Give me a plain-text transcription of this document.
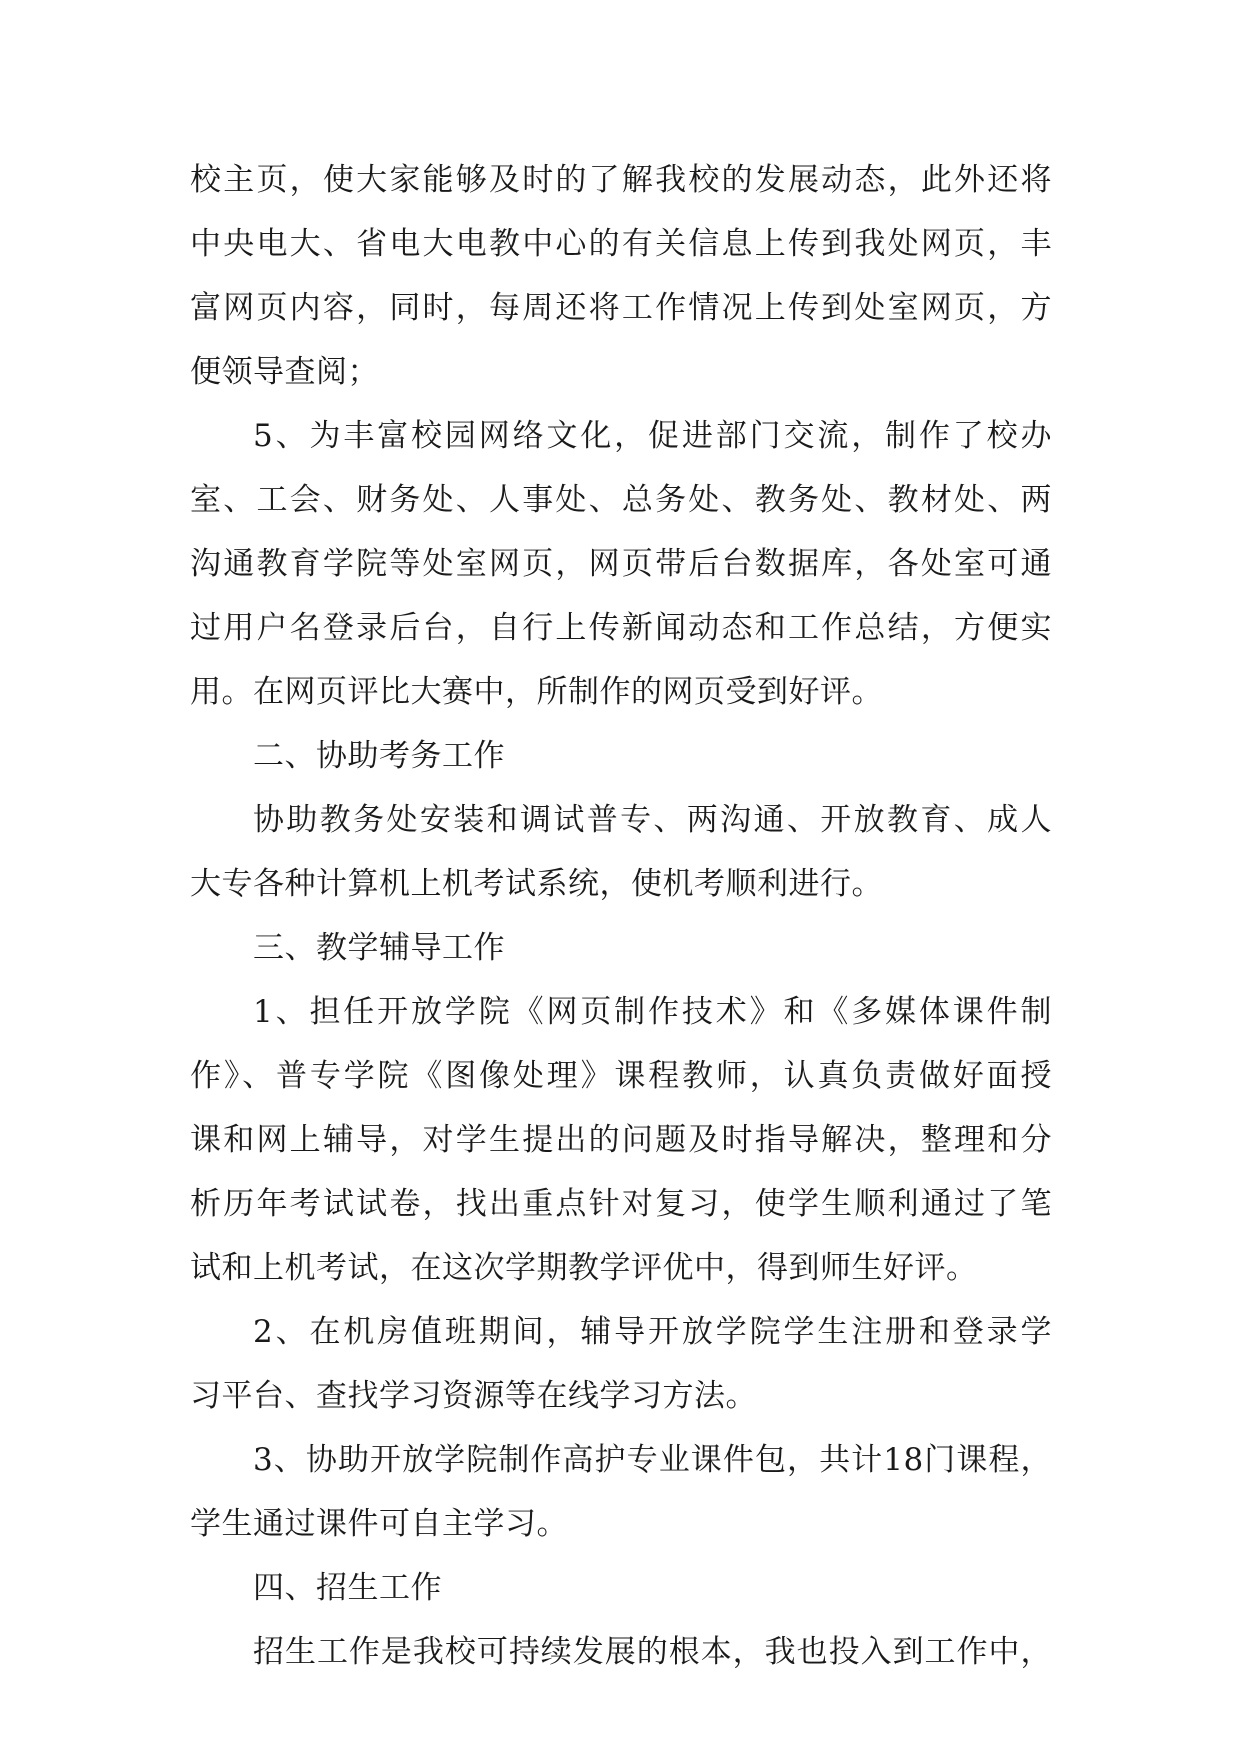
校主页，使大家能够及时的了解我校的发展动态，此外还将
中央电大、省电大电教中心的有关信息上传到我处网页，丰
富网页内容，同时，每周还将工作情况上传到处室网页，方
便领导查阅；
5、为丰富校园网络文化，促进部门交流，制作了校办
室、工会、财务处、人事处、总务处、教务处、教材处、两
沟通教育学院等处室网页，网页带后台数据库，各处室可通
过用户名登录后台，自行上传新闻动态和工作总结，方便实
用。在网页评比大赛中，所制作的网页受到好评。
二、协助考务工作
协助教务处安装和调试普专、两沟通、开放教育、成人
大专各种计算机上机考试系统，使机考顺利进行。
三、教学辅导工作
1、担任开放学院《网页制作技术》和《多媒体课件制
作》、普专学院《图像处理》课程教师，认真负责做好面授
课和网上辅导，对学生提出的问题及时指导解决，整理和分
析历年考试试卷，找出重点针对复习，使学生顺利通过了笔
试和上机考试，在这次学期教学评优中，得到师生好评。
2、在机房值班期间，辅导开放学院学生注册和登录学
习平台、查找学习资源等在线学习方法。
3、协助开放学院制作高护专业课件包，共计18门课程，
学生通过课件可自主学习。
四、招生工作
招生工作是我校可持续发展的根本，我也投入到工作中，
